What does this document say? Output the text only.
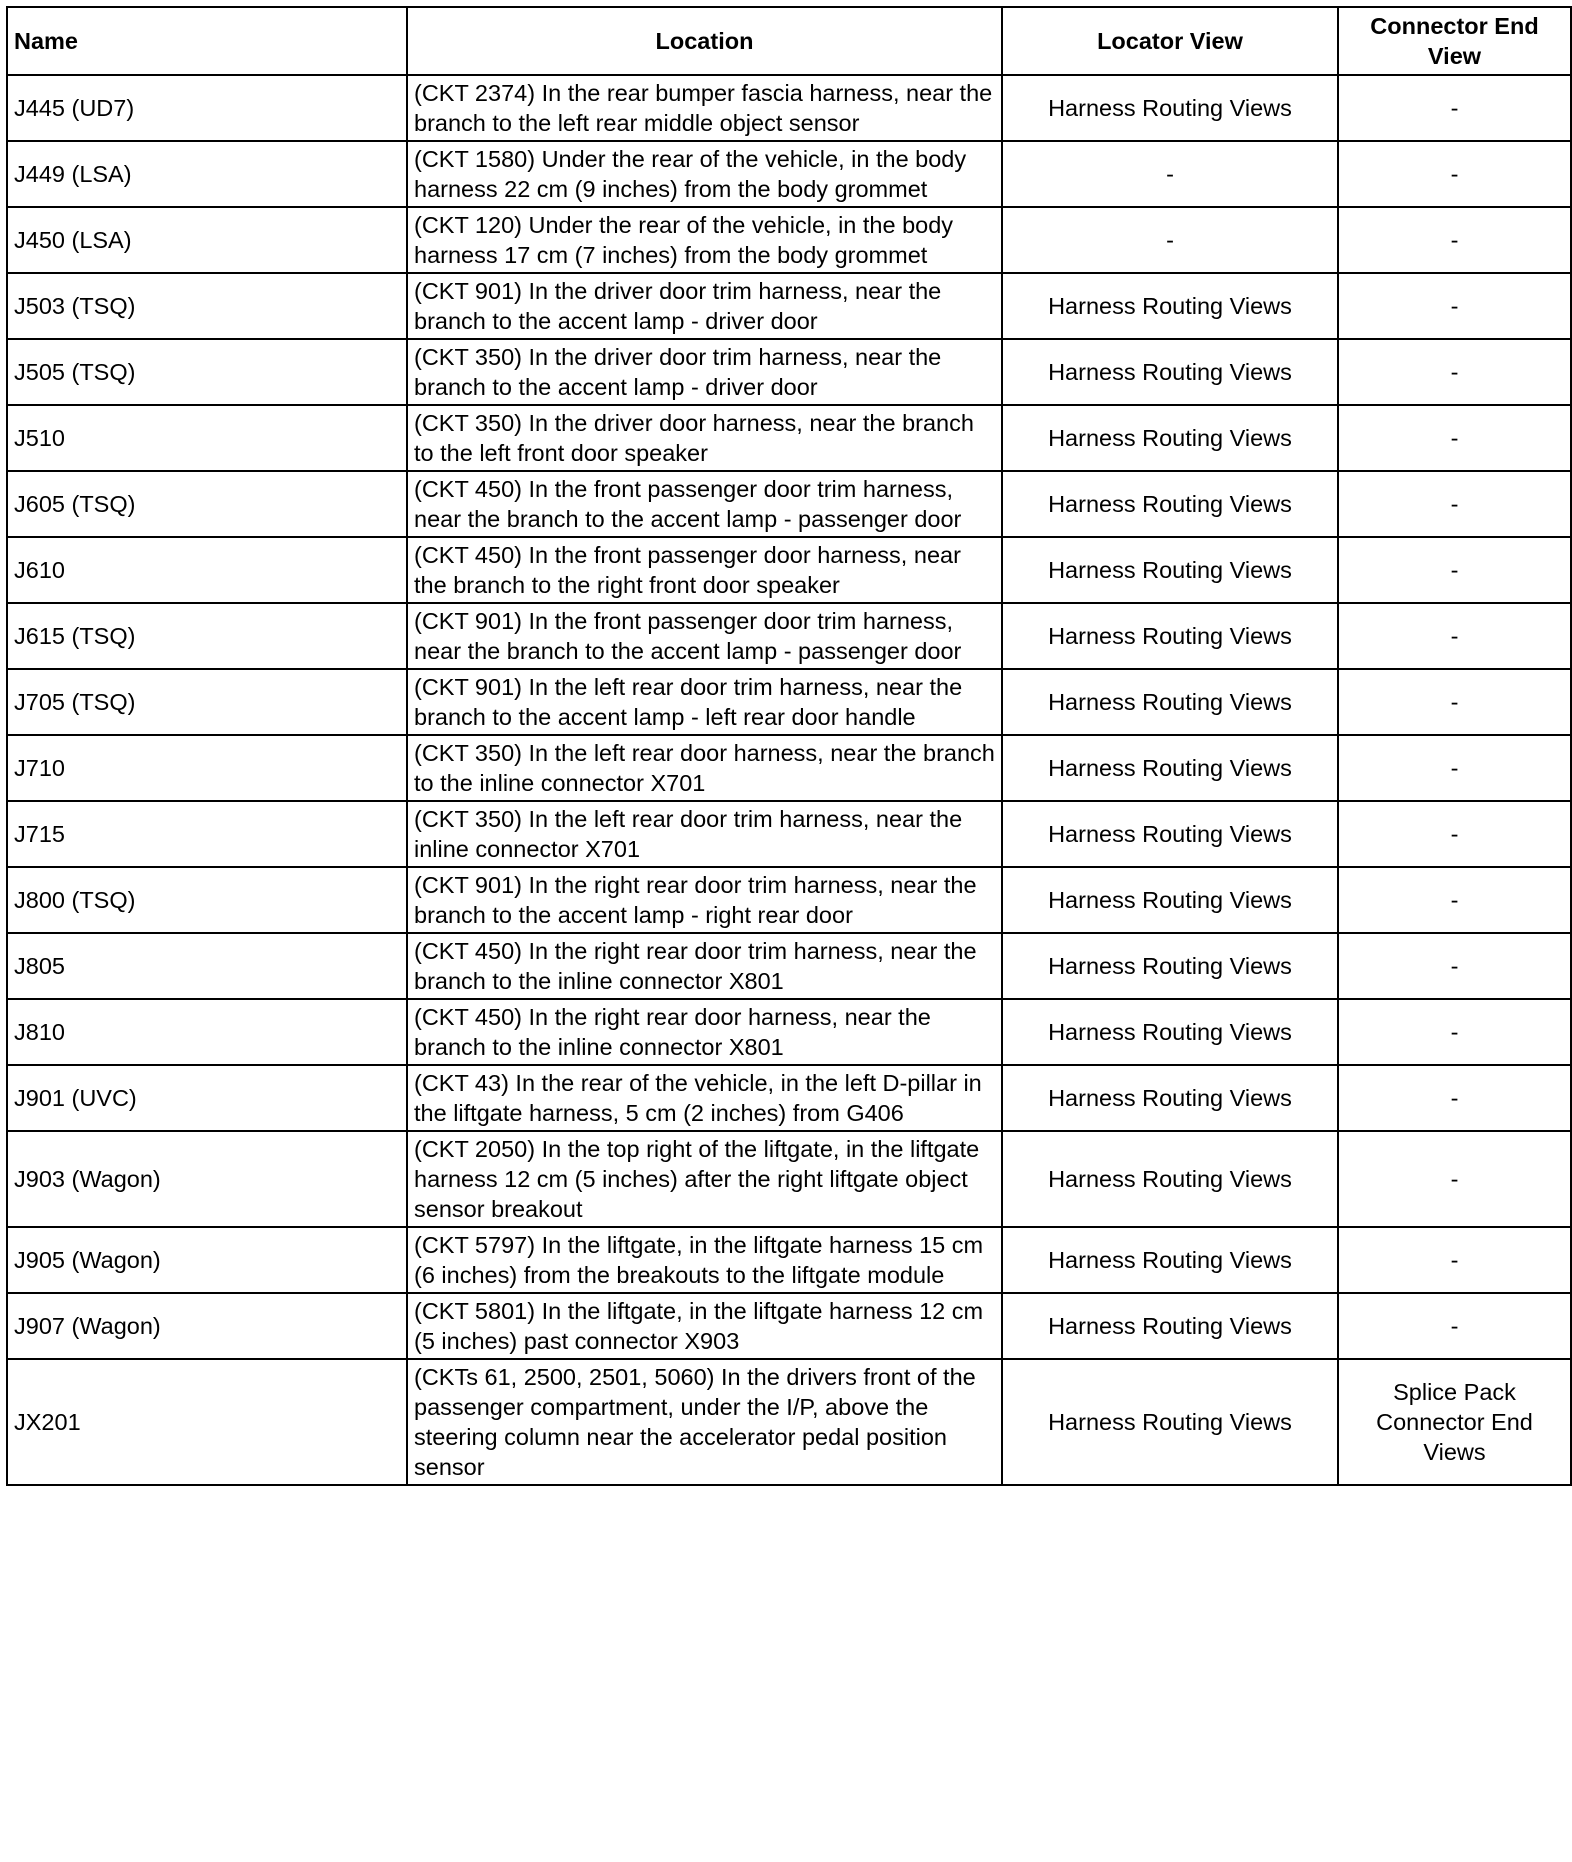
Name	Location	Locator View	Connector End View
J445 (UD7)	(CKT 2374) In the rear bumper fascia harness, near the branch to the left rear middle object sensor	Harness Routing Views	-
J449 (LSA)	(CKT 1580) Under the rear of the vehicle, in the body harness 22 cm (9 inches) from the body grommet	-	-
J450 (LSA)	(CKT 120) Under the rear of the vehicle, in the body harness 17 cm (7 inches) from the body grommet	-	-
J503 (TSQ)	(CKT 901) In the driver door trim harness, near the branch to the accent lamp - driver door	Harness Routing Views	-
J505 (TSQ)	(CKT 350) In the driver door trim harness, near the branch to the accent lamp - driver door	Harness Routing Views	-
J510	(CKT 350) In the driver door harness, near the branch to the left front door speaker	Harness Routing Views	-
J605 (TSQ)	(CKT 450) In the front passenger door trim harness, near the branch to the accent lamp - passenger door	Harness Routing Views	-
J610	(CKT 450) In the front passenger door harness, near the branch to the right front door speaker	Harness Routing Views	-
J615 (TSQ)	(CKT 901) In the front passenger door trim harness, near the branch to the accent lamp - passenger door	Harness Routing Views	-
J705 (TSQ)	(CKT 901) In the left rear door trim harness, near the branch to the accent lamp - left rear door handle	Harness Routing Views	-
J710	(CKT 350) In the left rear door harness, near the branch to the inline connector X701	Harness Routing Views	-
J715	(CKT 350) In the left rear door trim harness, near the inline connector X701	Harness Routing Views	-
J800 (TSQ)	(CKT 901) In the right rear door trim harness, near the branch to the accent lamp - right rear door	Harness Routing Views	-
J805	(CKT 450) In the right rear door trim harness, near the branch to the inline connector X801	Harness Routing Views	-
J810	(CKT 450) In the right rear door harness, near the branch to the inline connector X801	Harness Routing Views	-
J901 (UVC)	(CKT 43) In the rear of the vehicle, in the left D-pillar in the liftgate harness, 5 cm (2 inches) from G406	Harness Routing Views	-
J903 (Wagon)	(CKT 2050) In the top right of the liftgate, in the liftgate harness 12 cm (5 inches) after the right liftgate object sensor breakout	Harness Routing Views	-
J905 (Wagon)	(CKT 5797) In the liftgate, in the liftgate harness 15 cm (6 inches) from the breakouts to the liftgate module	Harness Routing Views	-
J907 (Wagon)	(CKT 5801) In the liftgate, in the liftgate harness 12 cm (5 inches) past connector X903	Harness Routing Views	-
JX201	(CKTs 61, 2500, 2501, 5060) In the drivers front of the passenger compartment, under the I/P, above the steering column near the accelerator pedal position sensor	Harness Routing Views	Splice Pack Connector End Views
